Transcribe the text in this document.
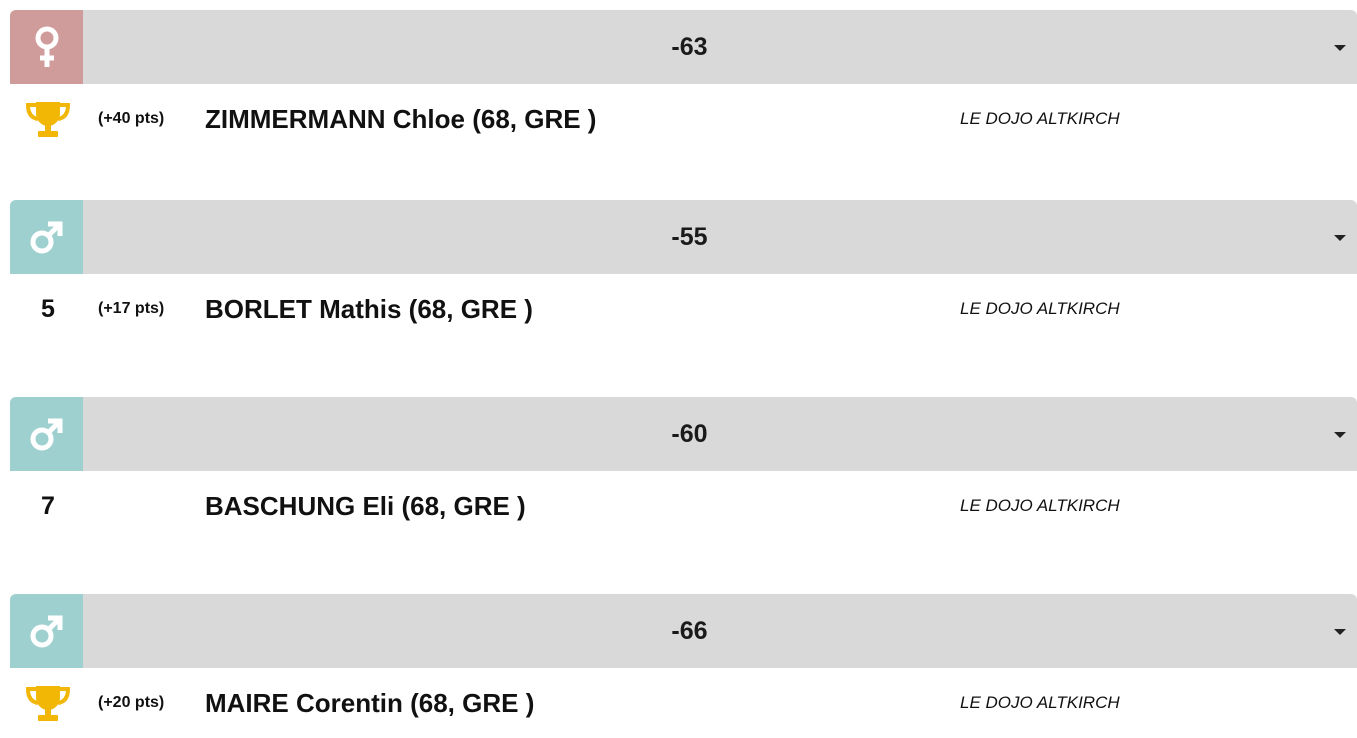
-63
(+40 pts) ZIMMERMANN Chloe (68, GRE )	LE DOJO ALTKIRCH
-55
5	(+17 pts) BORLET Mathis (68, GRE )	LE DOJO ALTKIRCH
-60
7	BASCHUNG Eli (68, GRE )	LE DOJO ALTKIRCH
-66
(+20 pts) MAIRE Corentin (68, GRE )	LE DOJO ALTKIRCH
